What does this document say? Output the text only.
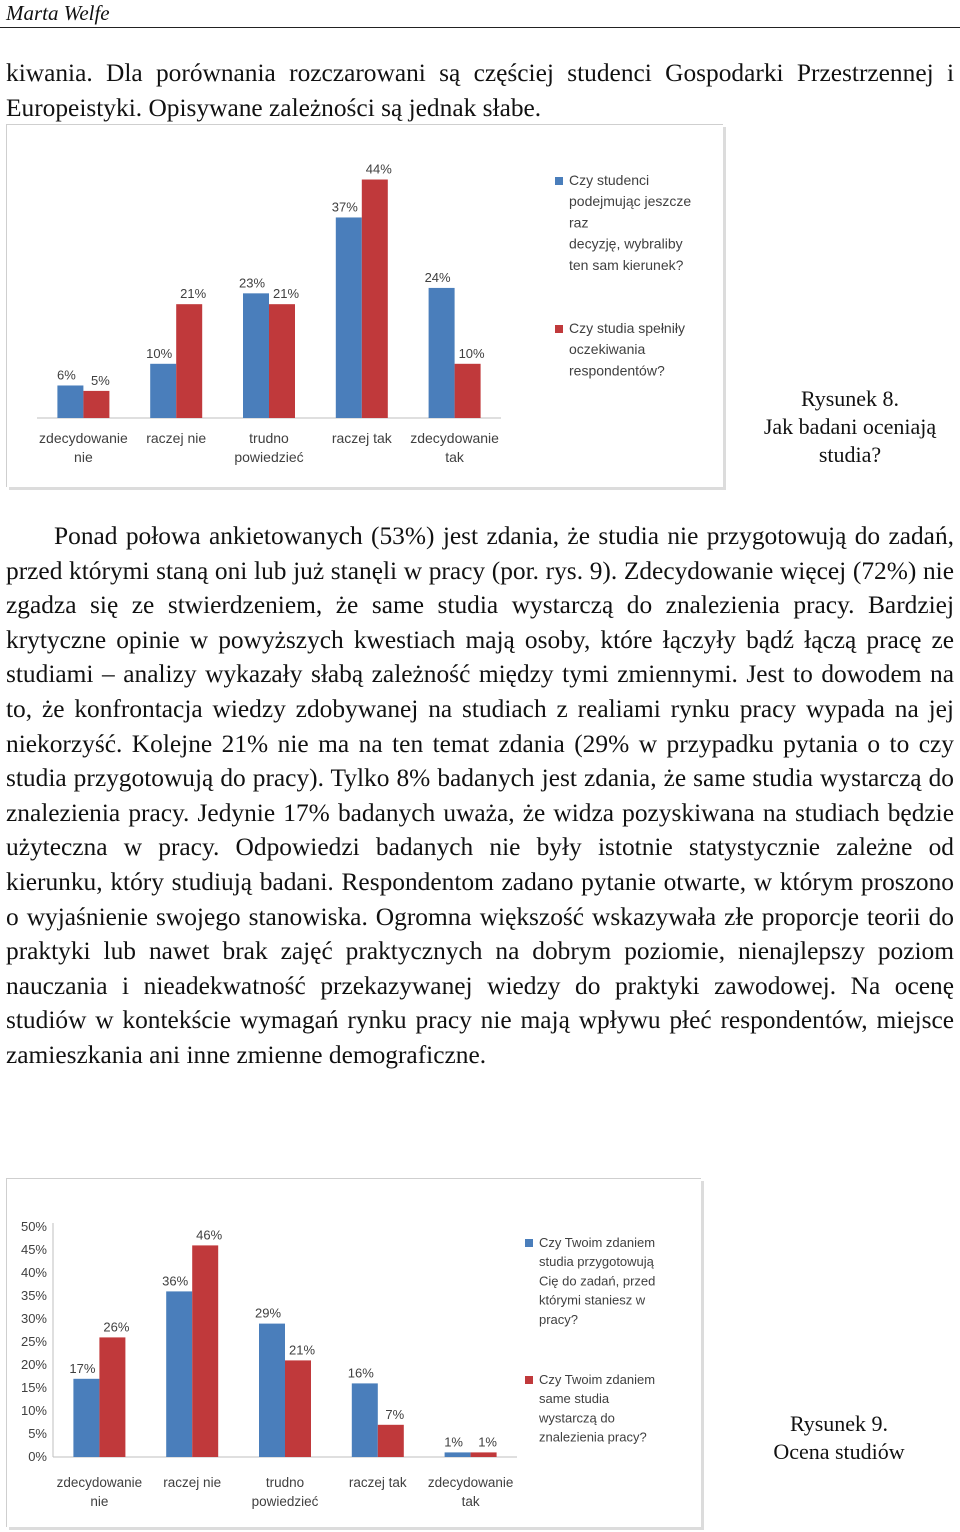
Marta Welfe

kiwania. Dla porównania rozczarowani są częściej studenci Gospodarki Przestrzennej i Europeistyki. Opisywane zależności są jednak słabe.

6% 5%
zdecydowanie
nie
10%
21%
raczej nie
23%
21%
trudno
powiedzieć
37%
44%
raczej tak
24%
10%
zdecydowanie
tak
Czy studenci
podejmując jeszcze
raz
decyzję, wybraliby
ten sam kierunek?
Czy studia spełniły
oczekiwania
respondentów?
Rysunek 8.
Jak badani oceniają
studia?

Ponad połowa ankietowanych (53%) jest zdania, że studia nie przygotowują do zadań, przed którymi staną oni lub już stanęli w pracy (por. rys. 9). Zdecydowanie więcej (72%) nie zgadza się ze stwierdzeniem, że same studia wystarczą do znalezienia pracy. Bardziej krytyczne opinie w powyższych kwestiach mają osoby, które łączyły bądź łączą pracę ze studiami – analizy wykazały słabą zależność między tymi zmiennymi. Jest to dowodem na to, że konfrontacja wiedzy zdobywanej na studiach z realiami rynku pracy wypada na jej niekorzyść. Kolejne 21% nie ma na ten temat zdania (29% w przypadku pytania o to czy studia przygotowują do pracy). Tylko 8% badanych jest zdania, że same studia wystarczą do znalezienia pracy. Jedynie 17% badanych uważa, że widza pozyskiwana na studiach będzie użyteczna w pracy. Odpowiedzi badanych nie były istotnie statystycznie zależne od kierunku, który studiują badani. Respondentom zadano pytanie otwarte, w którym proszono o wyjaśnienie swojego stanowiska. Ogromna większość wskazywała złe proporcje teorii do praktyki lub nawet brak zajęć praktycznych na dobrym poziomie, nienajlepszy poziom nauczania i nieadekwatność przekazywanej wiedzy do praktyki zawodowej. Na ocenę studiów w kontekście wymagań rynku pracy nie mają wpływu płeć respondentów, miejsce zamieszkania ani inne zmienne demograficzne.

0%
5%
10%
15%
20%
25%
30%
35%
40%
45%
50%
17%
26%
zdecydowanie
nie
36%
46%
raczej nie
29%
21%
trudno
powiedzieć
16%
7%
raczej tak
1% 1%
zdecydowanie
tak
Czy Twoim zdaniem
studia przygotowują
Cię do zadań, przed
którymi staniesz w
pracy?
Czy Twoim zdaniem
same studia
wystarczą do
znalezienia pracy?
Rysunek 9.
Ocena studiów
